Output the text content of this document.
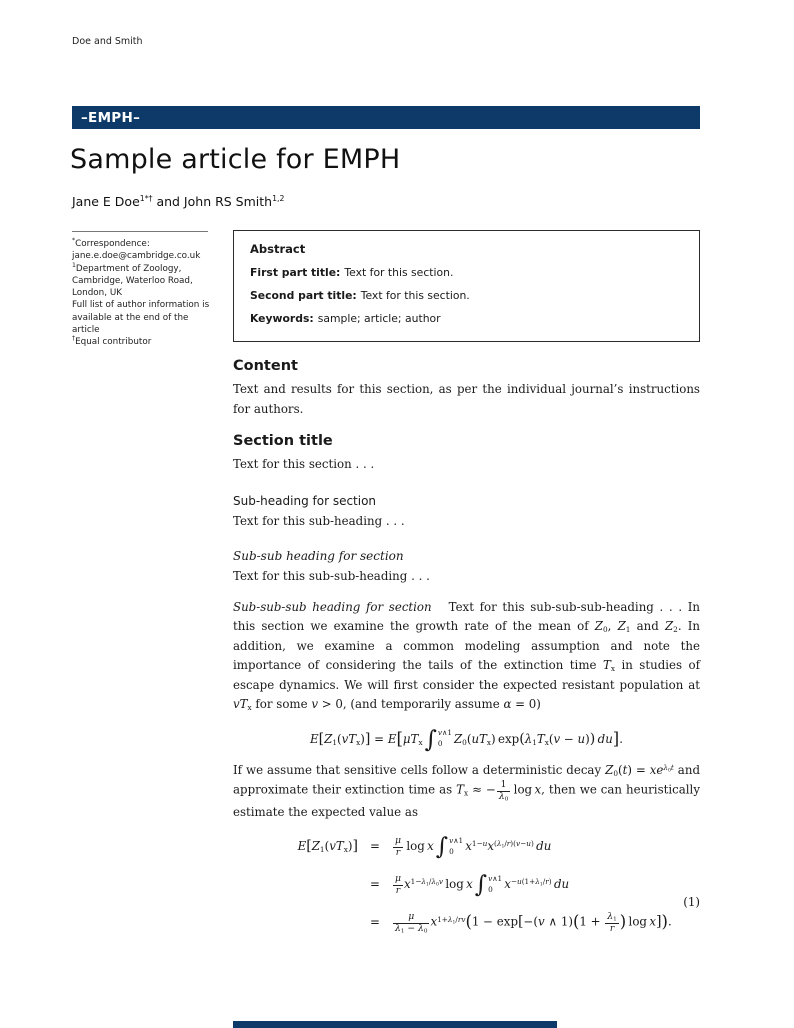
Doe and Smith
–EMPH–
Sample article for EMPH
Jane E Doe$^{1*\dagger}$ and John RS Smith$^{1,2}$
*Correspondence:
jane.e.doe@cambridge.co.uk
$^1$Department of Zoology,
Cambridge, Waterloo Road,
London, UK
Full list of author information is
available at the end of the article
†Equal contributor
Abstract
First part title: Text for this section.
Second part title: Text for this section.
Keywords: sample; article; author
Content

Text and results for this section, as per the individual journal’s instructions for authors.

Section title

Text for this section . . .

Sub-heading for section

Text for this sub-heading . . .

Sub-sub heading for section

Text for this sub-sub-heading . . .

Sub-sub-sub heading for section Text for this sub-sub-sub-heading . . . In this section we examine the growth rate of the mean of $Z_0$, $Z_1$ and $Z_2$. In addition, we examine a common modeling assumption and note the importance of considering the tails of the extinction time $T_x$ in studies of escape dynamics. We will first consider the expected resistant population at $vT_x$ for some v > 0, (and temporarily assume α = 0)

$E[Z_1(vT_x)] = E[\mu T_x$ ∫ v∧1
0 $Z_0(uT_x) \exp(\lambda_1T_x(v - u))$  du].

If we assume that sensitive cells follow a deterministic decay $Z_0(t) = xe^{\lambda_0t}$ and approximate their extinction time as $T_x$ ≈ − $\frac{1}{\lambda_0}$  log x, then we can heuristically estimate the expected value as

$E[Z_1(vT_x)]$	=	$\frac{\mu}{r}$  log x ∫ v∧1
0 $x^{1-u}x^{(\lambda_1/r)(v-u)}$  du
=	$\frac{\mu}{r} x^{1-\lambda_1/\lambda_0v}$ log x ∫ v∧1
0 $x^{-u(1+\lambda_1/r)}$  du
=	$\frac{\mu}{\lambda_1 - \lambda_0} x^{1+\lambda_1/rv}(1 - \exp[-(v$ ∧ $1)(1 + \frac{\lambda_1}{r}$ ) log x]).
(1)
